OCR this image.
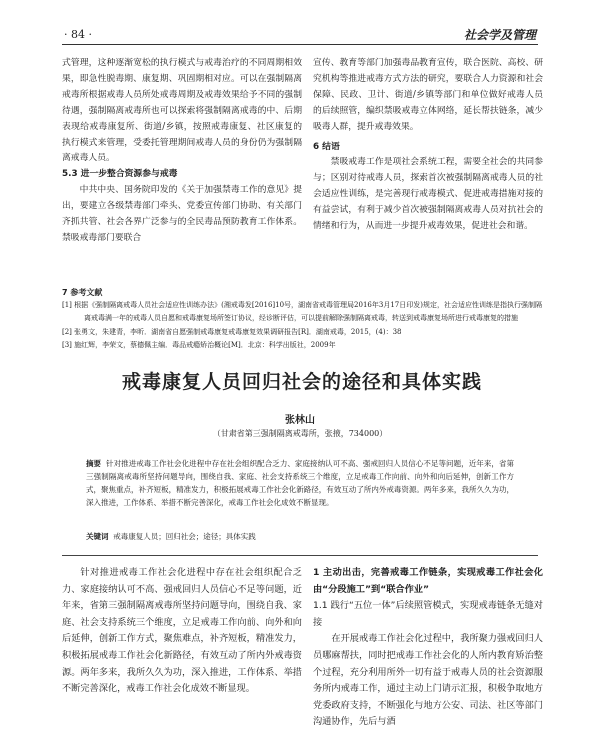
· 84 ·	社会学及管理

式管理，这种逐渐宽松的执行模式与戒毒治疗的不同周期相效果，即急性脱毒期、康复期、巩固期相对应。可以在强制隔离戒毒所根据戒毒人员所处戒毒周期及戒毒效果给予不同的强制待遇，强制隔离戒毒所也可以探索将强制隔离戒毒的中、后期表现给戒毒康复所、街道/乡镇，按照戒毒康复、社区康复的执行模式来管理，受委托管理期间戒毒人员的身份仍为强制隔离戒毒人员。

5.3 进一步整合资源参与戒毒

中共中央、国务院印发的《关于加强禁毒工作的意见》提出，要建立各级禁毒部门牵头、党委宣传部门协助、有关部门齐抓共管、社会各界广泛参与的全民毒品预防教育工作体系。禁吸戒毒部门要联合

宣传、教育等部门加强毒品教育宣传，联合医院、高校、研究机构等推进戒毒方式方法的研究，要联合人力资源和社会保障、民政、卫计、街道/乡镇等部门和单位做好戒毒人员的后续照管，编织禁吸戒毒立体网络，延长帮扶链条，减少吸毒人群，提升戒毒效果。

6 结语

禁吸戒毒工作是项社会系统工程，需要全社会的共同参与；区别对待戒毒人员，探索首次被强制隔离戒毒人员的社会适应性训练，是完善现行戒毒模式、促进戒毒措施对接的有益尝试，有利于减少首次被强制隔离戒毒人员对抗社会的情绪和行为，从而进一步提升戒毒效果，促进社会和谐。

7 参考文献
[1] 根据《强制隔离戒毒人员社会适应性训练办法》(湘戒毒发[2016]10号，湖南省戒毒管理局2016年3月17日印发)规定，社会适应性训练是指执行强制隔离戒毒满一年的戒毒人员自愿和戒毒康复场所签订协议，经诊断评估，可以提前解除强制隔离戒毒，转送到戒毒康复场所进行戒毒康复的措施
[2] 张勇文，朱建青，李昕．湖南省自愿强制戒毒康复戒毒康复效果调研报告[R]．湖南戒毒，2015，(4)：38
[3] 施红辉，李荣文，蔡德佩主编．毒品戒瘾矫治概论[M]．北京：科学出版社，2009年
戒毒康复人员回归社会的途径和具体实践
张林山
（甘肃省第三强制隔离戒毒所，张掖，734000）
摘要 针对推进戒毒工作社会化进程中存在社会组织配合乏力、家庭接纳认可不高、强戒回归人员信心不足等问题，近年来，省第三强制隔离戒毒所坚持问题导向，围绕自我、家庭、社会支持系统三个维度，立足戒毒工作向前、向外和向后延伸，创新工作方式，聚焦重点，补齐短板，精准发力，积极拓展戒毒工作社会化新路径，有效互动了所内外戒毒资源。两年多来，我所久久为功，深入推进，工作体系、举措不断完善深化，戒毒工作社会化成效不断显现。
关键词 戒毒康复人员；回归社会；途径；具体实践

针对推进戒毒工作社会化进程中存在社会组织配合乏力、家庭接纳认可不高、强戒回归人员信心不足等问题，近年来，省第三强制隔离戒毒所坚持问题导向，围绕自我、家庭、社会支持系统三个维度，立足戒毒工作向前、向外和向后延伸，创新工作方式，聚焦难点，补齐短板，精准发力，积极拓展戒毒工作社会化新路径，有效互动了所内外戒毒资源。两年多来，我所久久为功，深入推进，工作体系、举措不断完善深化，戒毒工作社会化成效不断显现。

1 主动出击，完善戒毒工作链条，实现戒毒工作社会化由“分段施工”到“联合作业”

1.1 践行“五位一体”后续照管模式，实现戒毒链条无缝对接

在开展戒毒工作社会化过程中，我所聚力强戒回归人员哪麻帮扶，同时把戒毒工作社会化的人所内教育矫治整个过程，充分利用所外一切有益于戒毒人员的社会资源服务所内戒毒工作，通过主动上门请示汇报，积极争取地方党委政府支持，不断强化与地方公安、司法、社区等部门沟通协作，先后与酒
